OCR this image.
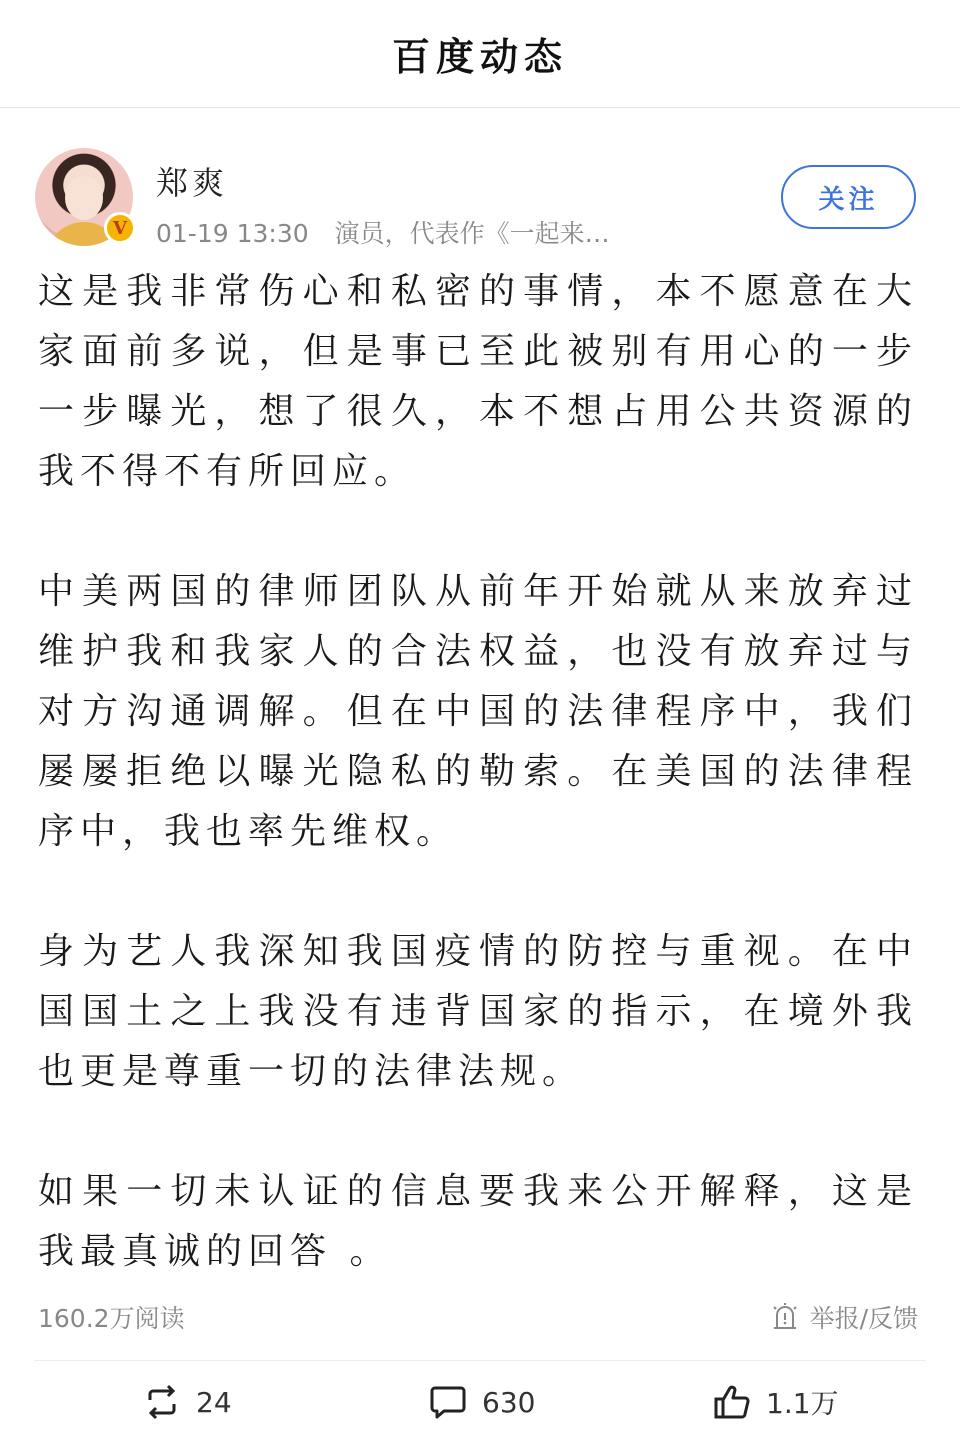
百度动态
V
郑爽
01-19 13:30 演员，代表作《一起来…
关注

这是我非常伤心和私密的事情，本不愿意在大家面前多说，但是事已至此被别有用心的一步一步曝光，想了很久，本不想占用公共资源的我不得不有所回应。

中美两国的律师团队从前年开始就从来放弃过维护我和我家人的合法权益，也没有放弃过与对方沟通调解。但在中国的法律程序中，我们屡屡拒绝以曝光隐私的勒索。在美国的法律程序中，我也率先维权。

身为艺人我深知我国疫情的防控与重视。在中国国土之上我没有违背国家的指示，在境外我也更是尊重一切的法律法规。

如果一切未认证的信息要我来公开解释，这是我最真诚的回答 。

160.2万阅读	举报/反馈
24	630	1.1万
